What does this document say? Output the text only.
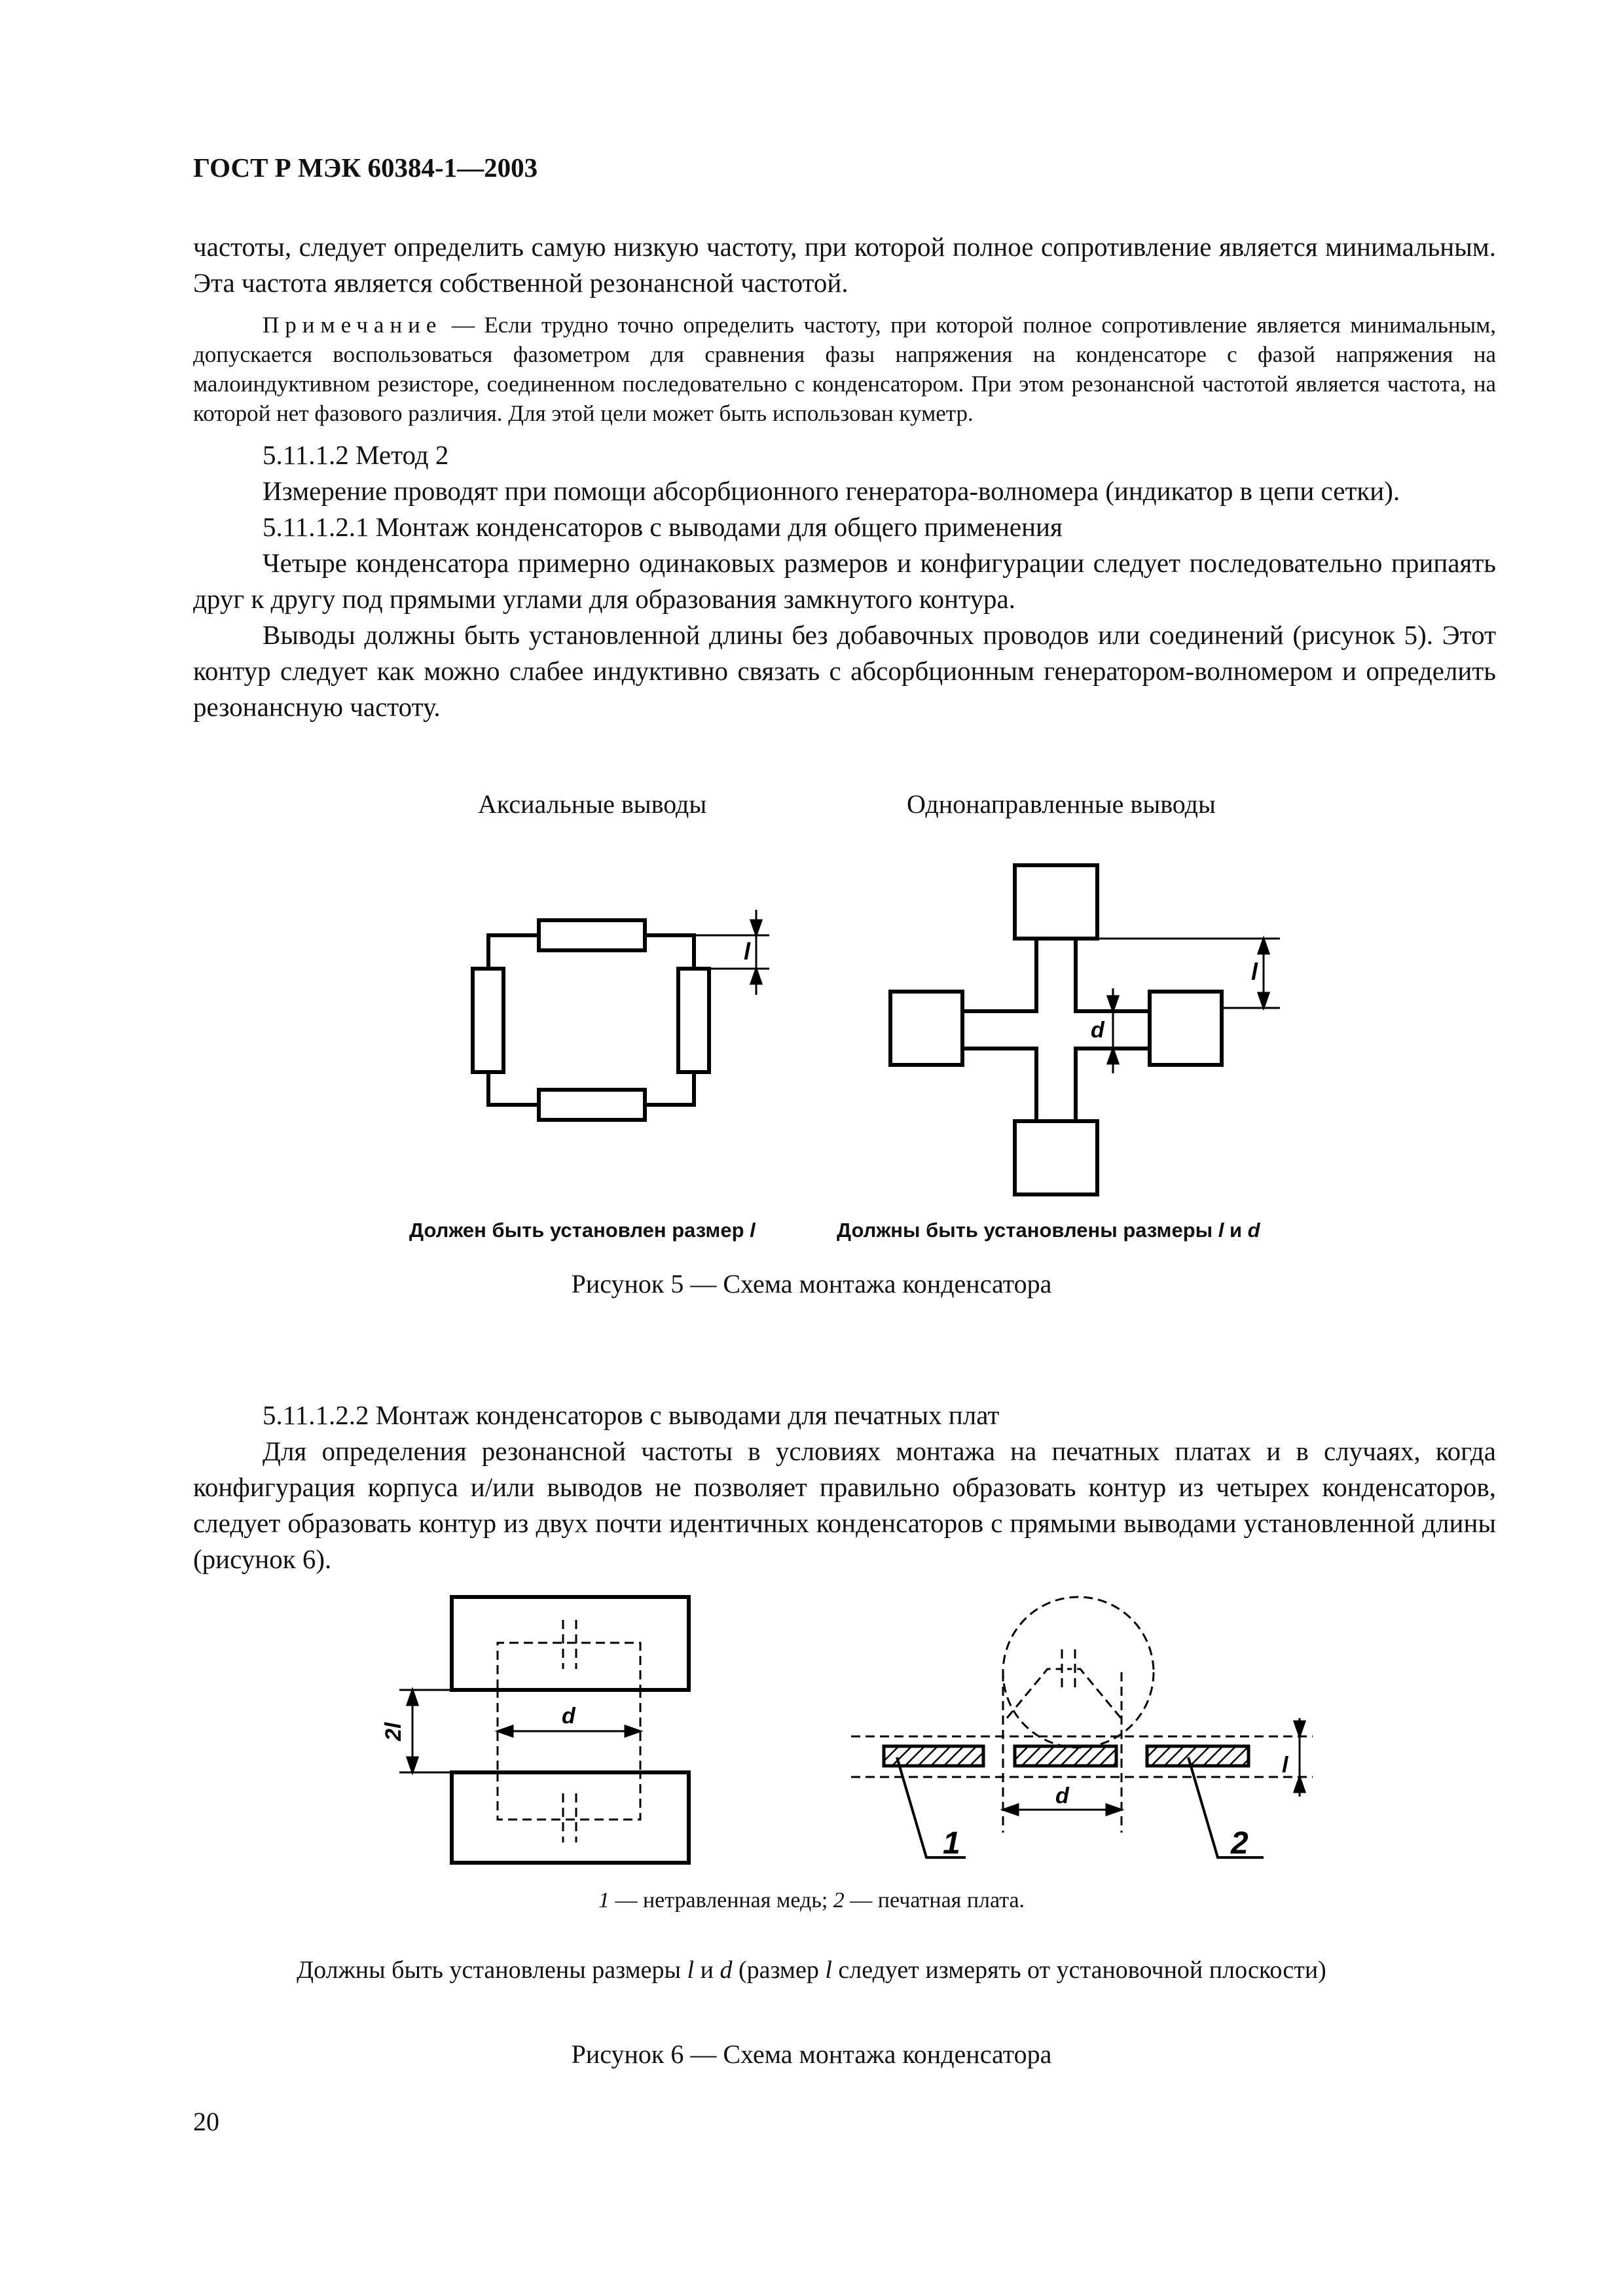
ГОСТ Р МЭК 60384-1—2003

частоты, следует определить самую низкую частоту, при которой полное сопротивление является минимальным. Эта частота является собственной резонансной частотой.

Примечание — Если трудно точно определить частоту, при которой полное сопротивление является минимальным, допускается воспользоваться фазометром для сравнения фазы напряжения на конденсаторе с фазой напряжения на малоиндуктивном резисторе, соединенном последовательно с конденсатором. При этом резонансной частотой является частота, на которой нет фазового различия. Для этой цели может быть использован куметр.

5.11.1.2 Метод 2

Измерение проводят при помощи абсорбционного генератора-волномера (индикатор в цепи сетки).

5.11.1.2.1 Монтаж конденсаторов с выводами для общего применения

Четыре конденсатора примерно одинаковых размеров и конфигурации следует последовательно припаять друг к другу под прямыми углами для образования замкнутого контура.

Выводы должны быть установленной длины без добавочных проводов или соединений (рисунок 5). Этот контур следует как можно слабее индуктивно связать с абсорбционным генератором-волномером и определить резонансную частоту.

Аксиальные выводы	Однонаправленные выводы
l
l
d
Должен быть установлен размер l	Должны быть установлены размеры l и d
Рисунок 5 — Схема монтажа конденсатора

5.11.1.2.2 Монтаж конденсаторов с выводами для печатных плат

Для определения резонансной частоты в условиях монтажа на печатных платах и в случаях, когда конфигурация корпуса и/или выводов не позволяет правильно образовать контур из четырех конденсаторов, следует образовать контур из двух почти идентичных конденсаторов с прямыми выводами установленной длины (рисунок 6).

2l
d
d
l
1	2
1 — нетравленная медь; 2 — печатная плата.
Должны быть установлены размеры l и d (размер l следует измерять от установочной плоскости)
Рисунок 6 — Схема монтажа конденсатора
20
